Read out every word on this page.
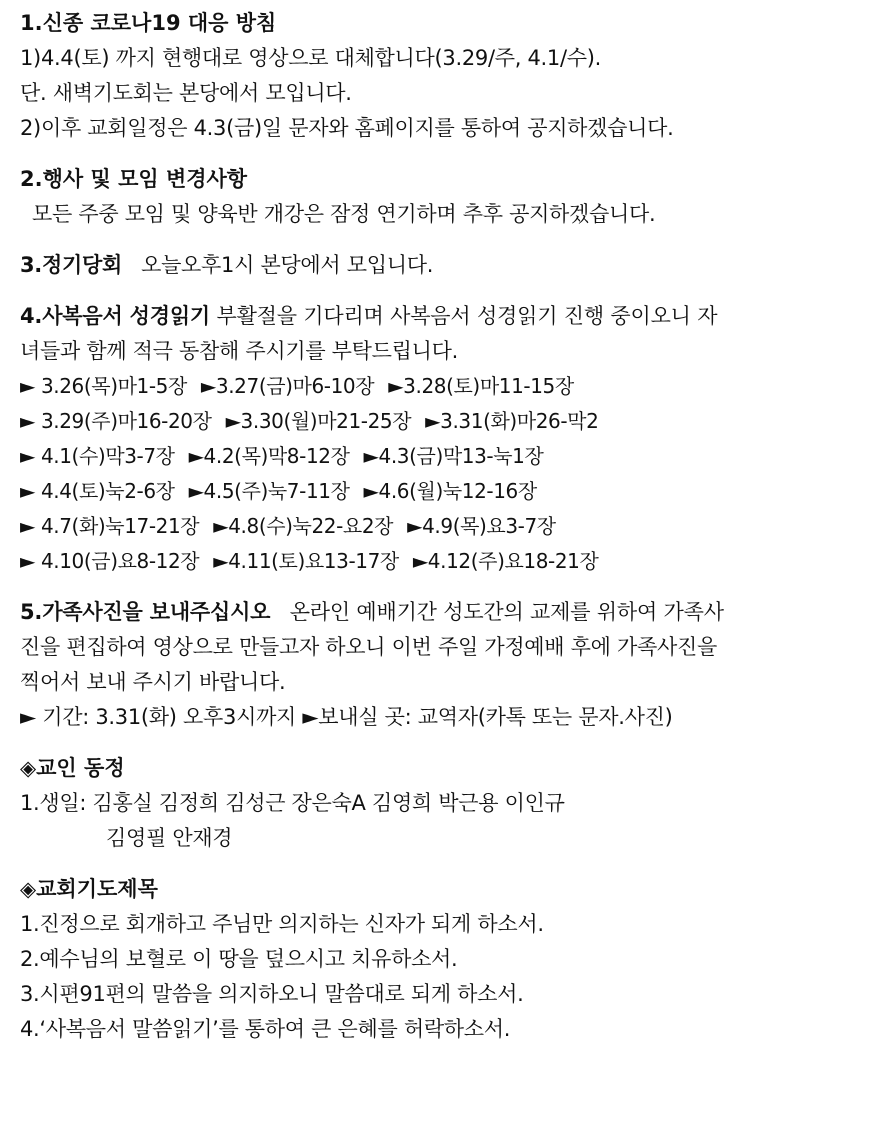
1.신종 코로나19 대응 방침
1)4.4(토) 까지 현행대로 영상으로 대체합니다(3.29/주, 4.1/수).
단. 새벽기도회는 본당에서 모입니다.
2)이후 교회일정은 4.3(금)일 문자와 홈페이지를 통하여 공지하겠습니다.
2.행사 및 모임 변경사항
모든 주중 모임 및 양육반 개강은 잠정 연기하며 추후 공지하겠습니다.
3.정기당회 오늘오후1시 본당에서 모입니다.
4.사복음서 성경읽기 부활절을 기다리며 사복음서 성경읽기 진행 중이오니 자
녀들과 함께 적극 동참해 주시기를 부탁드립니다.
► 3.26(목)마1-5장 ►3.27(금)마6-10장 ►3.28(토)마11-15장
► 3.29(주)마16-20장 ►3.30(월)마21-25장 ►3.31(화)마26-막2
► 4.1(수)막3-7장 ►4.2(목)막8-12장 ►4.3(금)막13-눅1장
► 4.4(토)눅2-6장 ►4.5(주)눅7-11장 ►4.6(월)눅12-16장
► 4.7(화)눅17-21장 ►4.8(수)눅22-요2장 ►4.9(목)요3-7장
► 4.10(금)요8-12장 ►4.11(토)요13-17장 ►4.12(주)요18-21장
5.가족사진을 보내주십시오 온라인 예배기간 성도간의 교제를 위하여 가족사
진을 편집하여 영상으로 만들고자 하오니 이번 주일 가정예배 후에 가족사진을
찍어서 보내 주시기 바랍니다.
► 기간: 3.31(화) 오후3시까지 ►보내실 곳: 교역자(카톡 또는 문자.사진)
◈교인 동정
1.생일: 김홍실 김정희 김성근 장은숙A 김영희 박근용 이인규
김영필 안재경
◈교회기도제목
1.진정으로 회개하고 주님만 의지하는 신자가 되게 하소서.
2.예수님의 보혈로 이 땅을 덮으시고 치유하소서.
3.시편91편의 말씀을 의지하오니 말씀대로 되게 하소서.
4.‘사복음서 말씀읽기’를 통하여 큰 은혜를 허락하소서.
